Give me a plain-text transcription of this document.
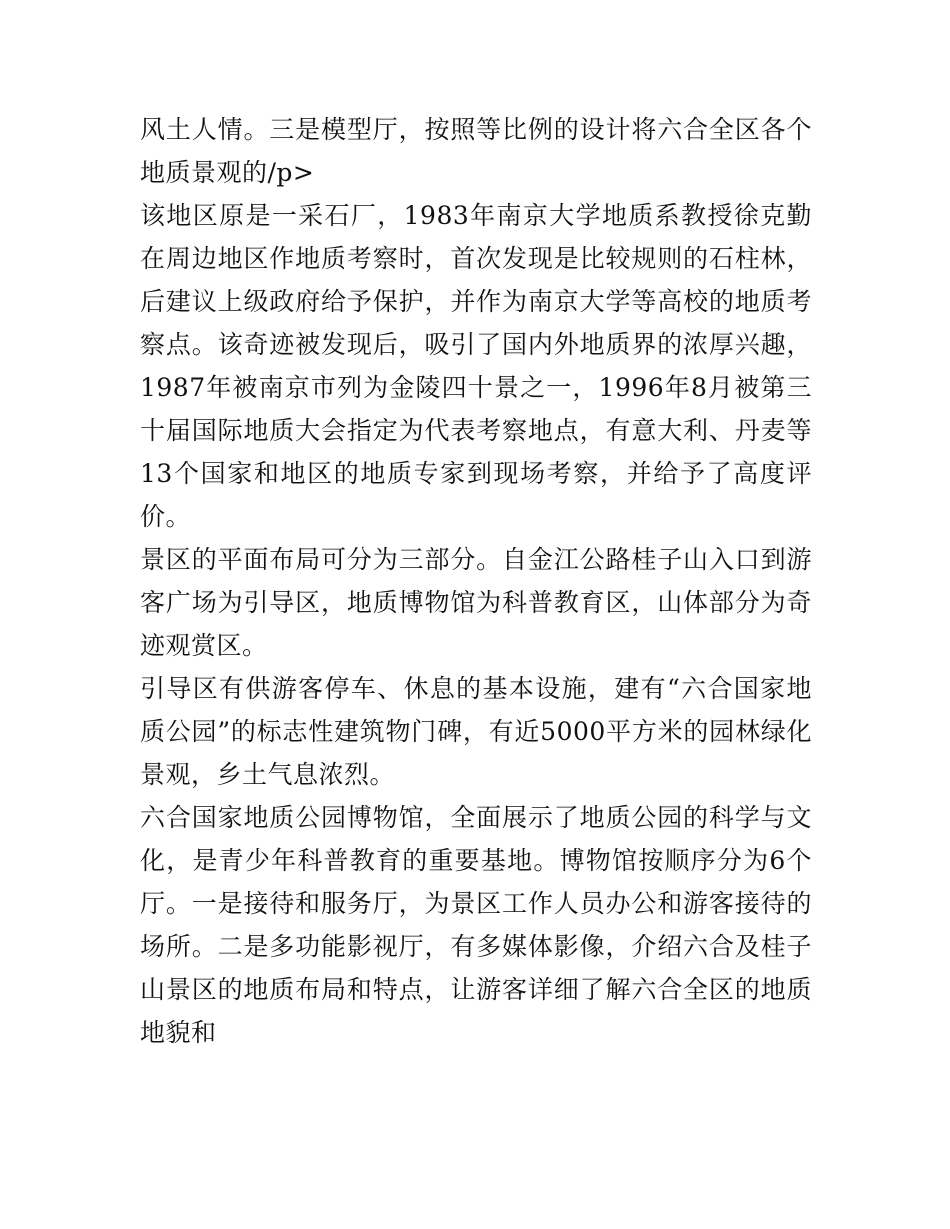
风土人情。三是模型厅，按照等比例的设计将六合全区各个地质景观的/p>

该地区原是一采石厂，1983年南京大学地质系教授徐克勤在周边地区作地质考察时，首次发现是比较规则的石柱林，后建议上级政府给予保护，并作为南京大学等高校的地质考察点。该奇迹被发现后，吸引了国内外地质界的浓厚兴趣，1987年被南京市列为金陵四十景之一，1996年8月被第三十届国际地质大会指定为代表考察地点，有意大利、丹麦等13个国家和地区的地质专家到现场考察，并给予了高度评价。

景区的平面布局可分为三部分。自金江公路桂子山入口到游客广场为引导区，地质博物馆为科普教育区，山体部分为奇迹观赏区。

引导区有供游客停车、休息的基本设施，建有“六合国家地质公园”的标志性建筑物门碑，有近5000平方米的园林绿化景观，乡土气息浓烈。

六合国家地质公园博物馆，全面展示了地质公园的科学与文化，是青少年科普教育的重要基地。博物馆按顺序分为6个厅。一是接待和服务厅，为景区工作人员办公和游客接待的场所。二是多功能影视厅，有多媒体影像，介绍六合及桂子山景区的地质布局和特点，让游客详细了解六合全区的地质地貌和
